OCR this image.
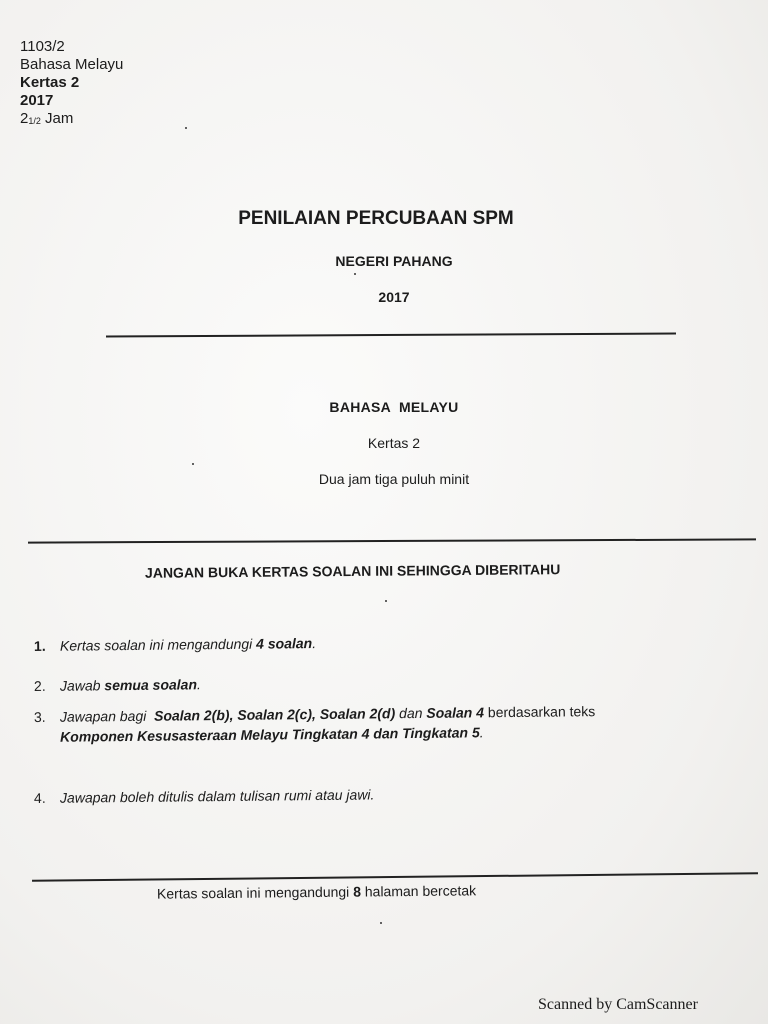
1103/2
Bahasa Melayu
Kertas 2
2017
$2_{1/2}$ Jam
PENILAIAN PERCUBAAN SPM
NEGERI PAHANG
2017
BAHASA  MELAYU
Kertas 2
Dua jam tiga puluh minit
JANGAN BUKA KERTAS SOALAN INI SEHINGGA DIBERITAHU
1. Kertas soalan ini mengandungi 4 soalan.
2. Jawab semua soalan.
3. Jawapan bagi  Soalan 2(b), Soalan 2(c), Soalan 2(d) dan Soalan 4 berdasarkan teks
Komponen Kesusasteraan Melayu Tingkatan 4 dan Tingkatan 5.
4. Jawapan boleh ditulis dalam tulisan rumi atau jawi.
Kertas soalan ini mengandungi 8 halaman bercetak
Scanned by CamScanner
